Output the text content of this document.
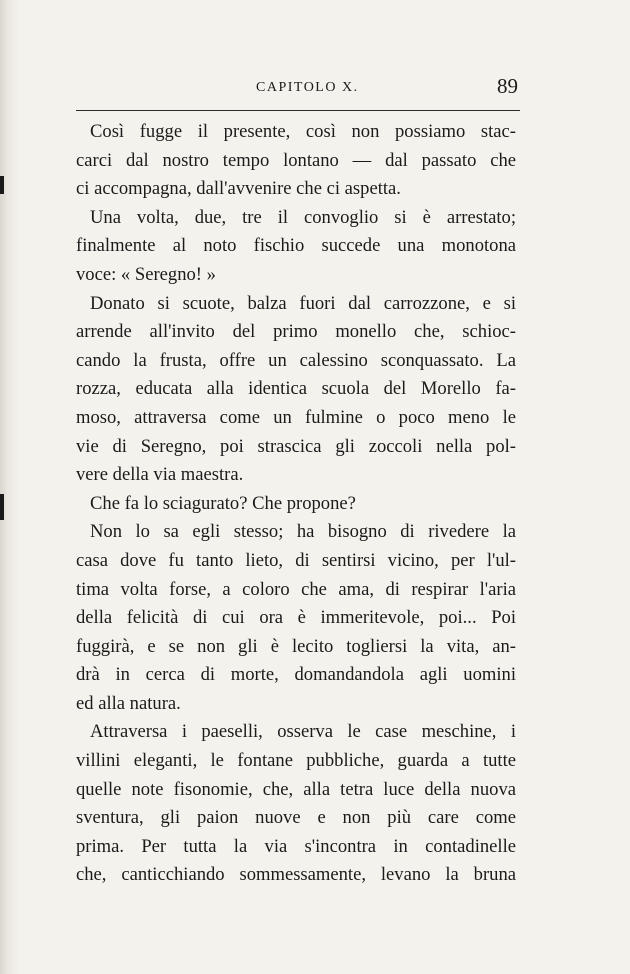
CAPITOLO X.	89
Così fugge il presente, così non possiamo stac-
carci dal nostro tempo lontano — dal passato che
ci accompagna, dall'avvenire che ci aspetta.
Una volta, due, tre il convoglio si è arrestato;
finalmente al noto fischio succede una monotona
voce: « Seregno! »
Donato si scuote, balza fuori dal carrozzone, e si
arrende all'invito del primo monello che, schioc-
cando la frusta, offre un calessino sconquassato. La
rozza, educata alla identica scuola del Morello fa-
moso, attraversa come un fulmine o poco meno le
vie di Seregno, poi strascica gli zoccoli nella pol-
vere della via maestra.
Che fa lo sciagurato? Che propone?
Non lo sa egli stesso; ha bisogno di rivedere la
casa dove fu tanto lieto, di sentirsi vicino, per l'ul-
tima volta forse, a coloro che ama, di respirar l'aria
della felicità di cui ora è immeritevole, poi... Poi
fuggirà, e se non gli è lecito togliersi la vita, an-
drà in cerca di morte, domandandola agli uomini
ed alla natura.
Attraversa i paeselli, osserva le case meschine, i
villini eleganti, le fontane pubbliche, guarda a tutte
quelle note fisonomie, che, alla tetra luce della nuova
sventura, gli paion nuove e non più care come
prima. Per tutta la via s'incontra in contadinelle
che, canticchiando sommessamente, levano la bruna
